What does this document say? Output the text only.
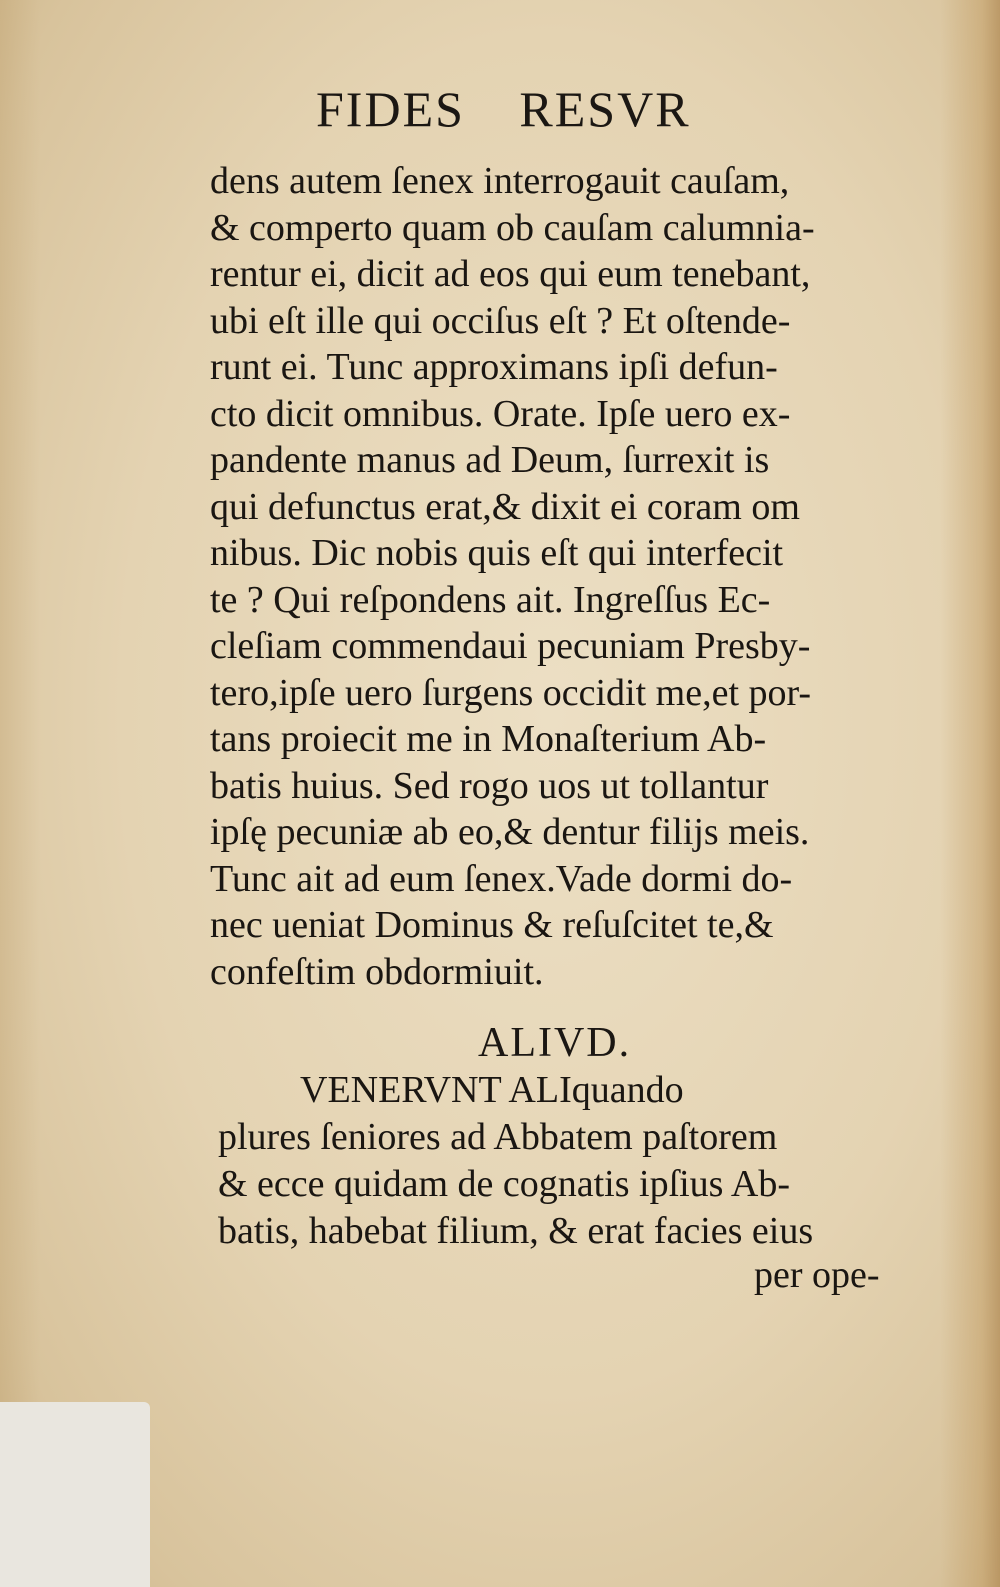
FIDES RESVR
dens autem ſenex interrogauit cauſam,
& comperto quam ob cauſam calumnia-
rentur ei, dicit ad eos qui eum tenebant,
ubi eſt ille qui occiſus eſt ? Et oſtende-
runt ei. Tunc approximans ipſi defun-
cto dicit omnibus. Orate. Ipſe uero ex-
pandente manus ad Deum, ſurrexit is
qui defunctus erat,& dixit ei coram om
nibus. Dic nobis quis eſt qui interfecit
te ? Qui reſpondens ait. Ingreſſus Ec-
cleſiam commendaui pecuniam Presby-
tero,ipſe uero ſurgens occidit me,et por-
tans proiecit me in Monaſterium Ab-
batis huius. Sed rogo uos ut tollantur
ipſę pecuniæ ab eo,& dentur filijs meis.
Tunc ait ad eum ſenex.Vade dormi do-
nec ueniat Dominus & reſuſcitet te,&
confeſtim obdormiuit.
ALIVD.
VENERVNT ALIquando
plures ſeniores ad Abbatem paſtorem
& ecce quidam de cognatis ipſius Ab-
batis, habebat filium, & erat facies eius
per ope-
